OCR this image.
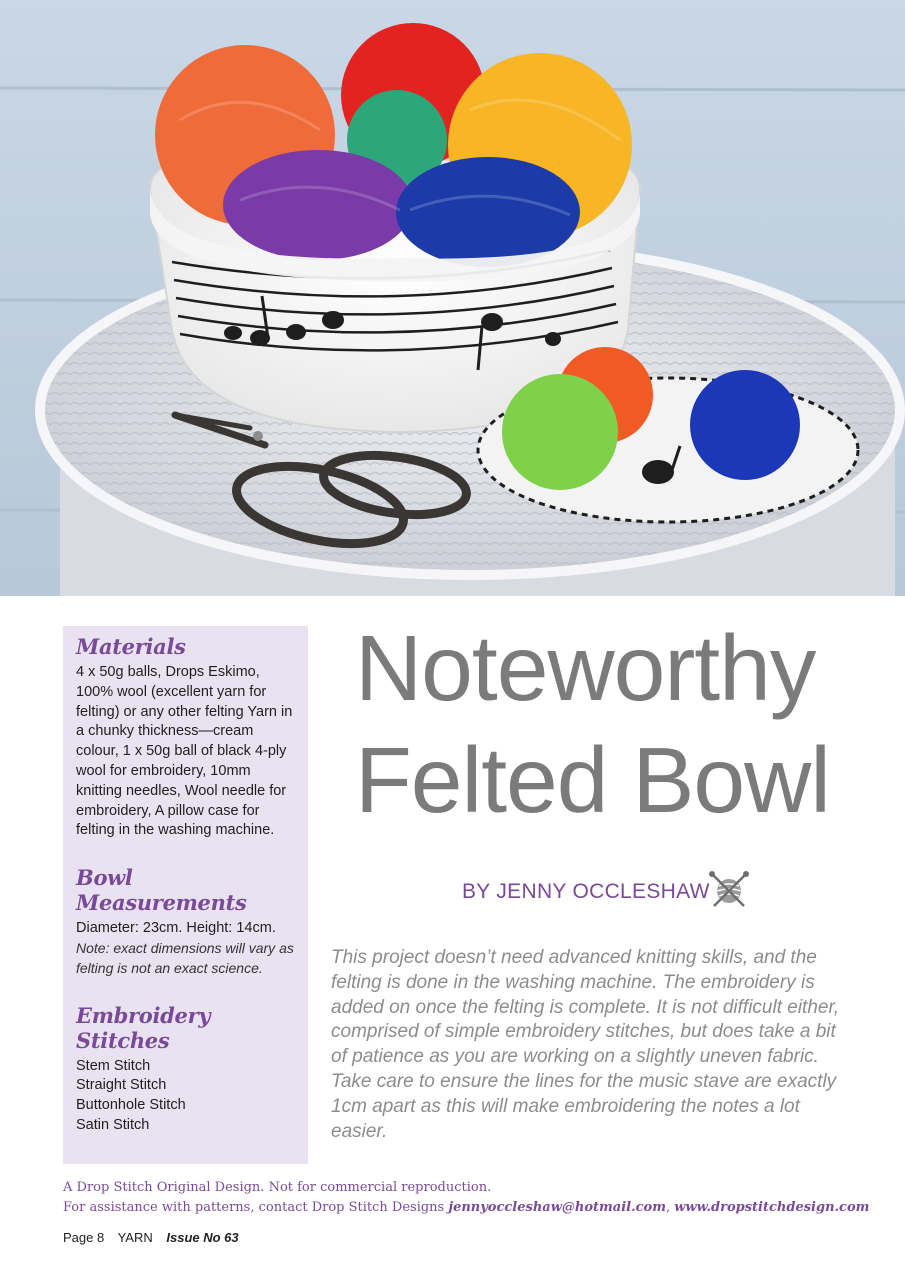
Materials
4 x 50g balls, Drops Eskimo, 100% wool (excellent yarn for felting) or any other felting Yarn in a chunky thickness—cream colour, 1 x 50g ball of black 4-ply wool for embroidery, 10mm knitting needles, Wool needle for embroidery, A pillow case for felting in the washing machine.
Bowl Measurements
Diameter: 23cm. Height: 14cm.
Note: exact dimensions will vary as felting is not an exact science.
Embroidery Stitches
Stem Stitch
Straight Stitch
Buttonhole Stitch
Satin Stitch
Noteworthy
Felted Bowl

BY JENNY OCCLESHAW

This project doesn’t need advanced knitting skills, and the felting is done in the washing machine. The embroidery is added on once the felting is complete. It is not difficult either, comprised of simple embroidery stitches, but does take a bit of patience as you are working on a slightly uneven fabric. Take care to ensure the lines for the music stave are exactly 1cm apart as this will make embroidering the notes a lot easier.

A Drop Stitch Original Design. Not for commercial reproduction.
For assistance with patterns, contact Drop Stitch Designs jennyoccleshaw@hotmail.com, www.dropstitchdesign.com
Page 8 YARN Issue No 63
